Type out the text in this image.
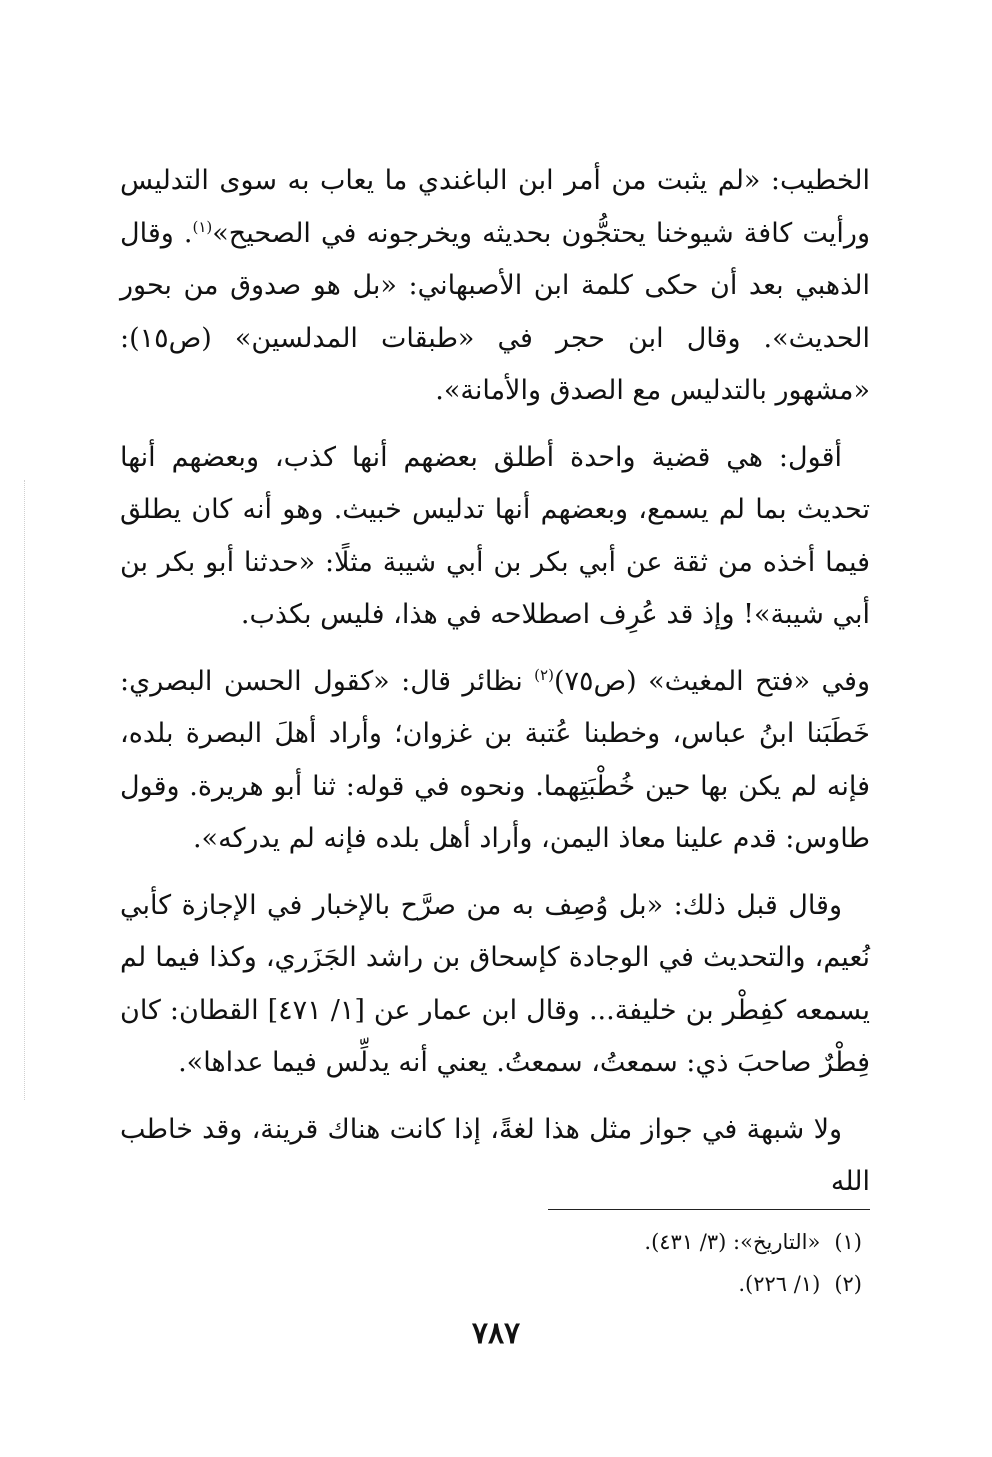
الخطيب: «لم يثبت من أمر ابن الباغندي ما يعاب به سوى التدليس ورأيت كافة شيوخنا يحتجُّون بحديثه ويخرجونه في الصحيح»$^{(١)}$. وقال الذهبي بعد أن حكى كلمة ابن الأصبهاني: «بل هو صدوق من بحور الحديث». وقال ابن حجر في «طبقات المدلسين» (ص١٥): «مشهور بالتدليس مع الصدق والأمانة».

أقول: هي قضية واحدة أطلق بعضهم أنها كذب، وبعضهم أنها تحديث بما لم يسمع، وبعضهم أنها تدليس خبيث. وهو أنه كان يطلق فيما أخذه من ثقة عن أبي بكر بن أبي شيبة مثلًا: «حدثنا أبو بكر بن أبي شيبة»! وإذ قد عُرِف اصطلاحه في هذا، فليس بكذب.

وفي «فتح المغيث» (ص٧٥)$^{(٢)}$ نظائر قال: «كقول الحسن البصري: خَطَبَنا ابنُ عباس، وخطبنا عُتبة بن غزوان؛ وأراد أهلَ البصرة بلده، فإنه لم يكن بها حين خُطْبَتِهما. ونحوه في قوله: ثنا أبو هريرة. وقول طاوس: قدم علينا معاذ اليمن، وأراد أهل بلده فإنه لم يدركه».

وقال قبل ذلك: «بل وُصِف به من صرَّح بالإخبار في الإجازة كأبي نُعيم، والتحديث في الوجادة كإسحاق بن راشد الجَزَري، وكذا فيما لم يسمعه كفِطْر بن خليفة... وقال ابن عمار عن [١/ ٤٧١] القطان: كان فِطْرٌ صاحبَ ذي: سمعتُ، سمعتُ. يعني أنه يدلِّس فيما عداها».

ولا شبهة في جواز مثل هذا لغةً، إذا كانت هناك قرينة، وقد خاطب الله

(١)«التاريخ»: (٣/ ٤٣١).

(٢)(١/ ٢٢٦).

٧٨٧
